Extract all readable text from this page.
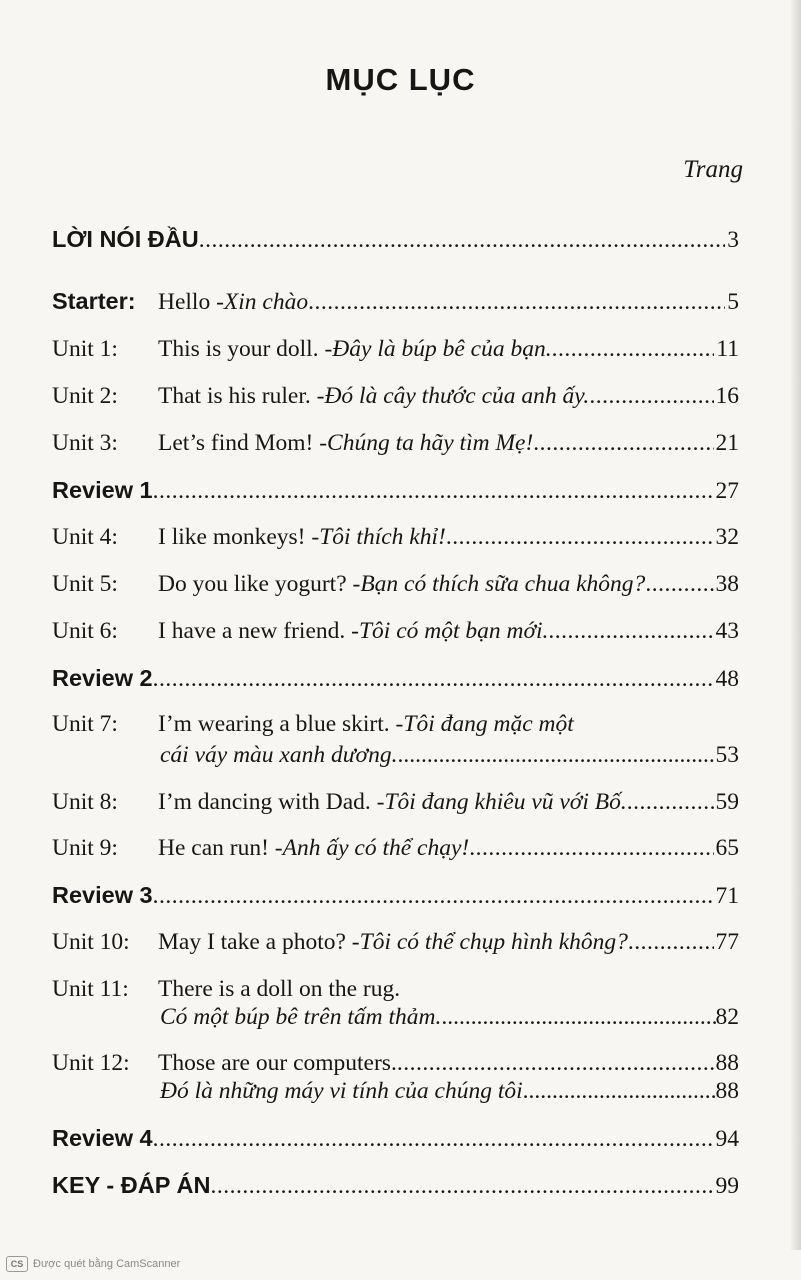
MỤC LỤC
Trang
LỜI NÓI ĐẦU .....	3
Starter: Hello - Xin chào .....	5
Unit 1:	This is your doll. - Đây là búp bê của bạn. .....	11
Unit 2:	That is his ruler. - Đó là cây thước của anh ấy. .....	16
Unit 3:	Let’s find Mom! - Chúng ta hãy tìm Mẹ! .....	21
Review 1 .....	27
Unit 4:	I like monkeys! - Tôi thích khỉ! .....	32
Unit 5:	Do you like yogurt? - Bạn có thích sữa chua không? .....	38
Unit 6:	I have a new friend. - Tôi có một bạn mới. .....	43
Review 2 .....	48
Unit 7:	I’m wearing a blue skirt. - Tôi đang mặc một
cái váy màu xanh dương. .....	53
Unit 8:	I’m dancing with Dad. - Tôi đang khiêu vũ với Bố. .....	59
Unit 9:	He can run! - Anh ấy có thể chạy! .....	65
Review 3 .....	71
Unit 10:	May I take a photo? - Tôi có thể chụp hình không? .....	77
Unit 11:	There is a doll on the rug.
Có một búp bê trên tấm thảm. .....	82
Unit 12:	Those are our computers. .....	88
Đó là những máy vi tính của chúng tôi .....	88
Review 4 .....	94
KEY - ĐÁP ÁN .....	99
CS Được quét bằng CamScanner
